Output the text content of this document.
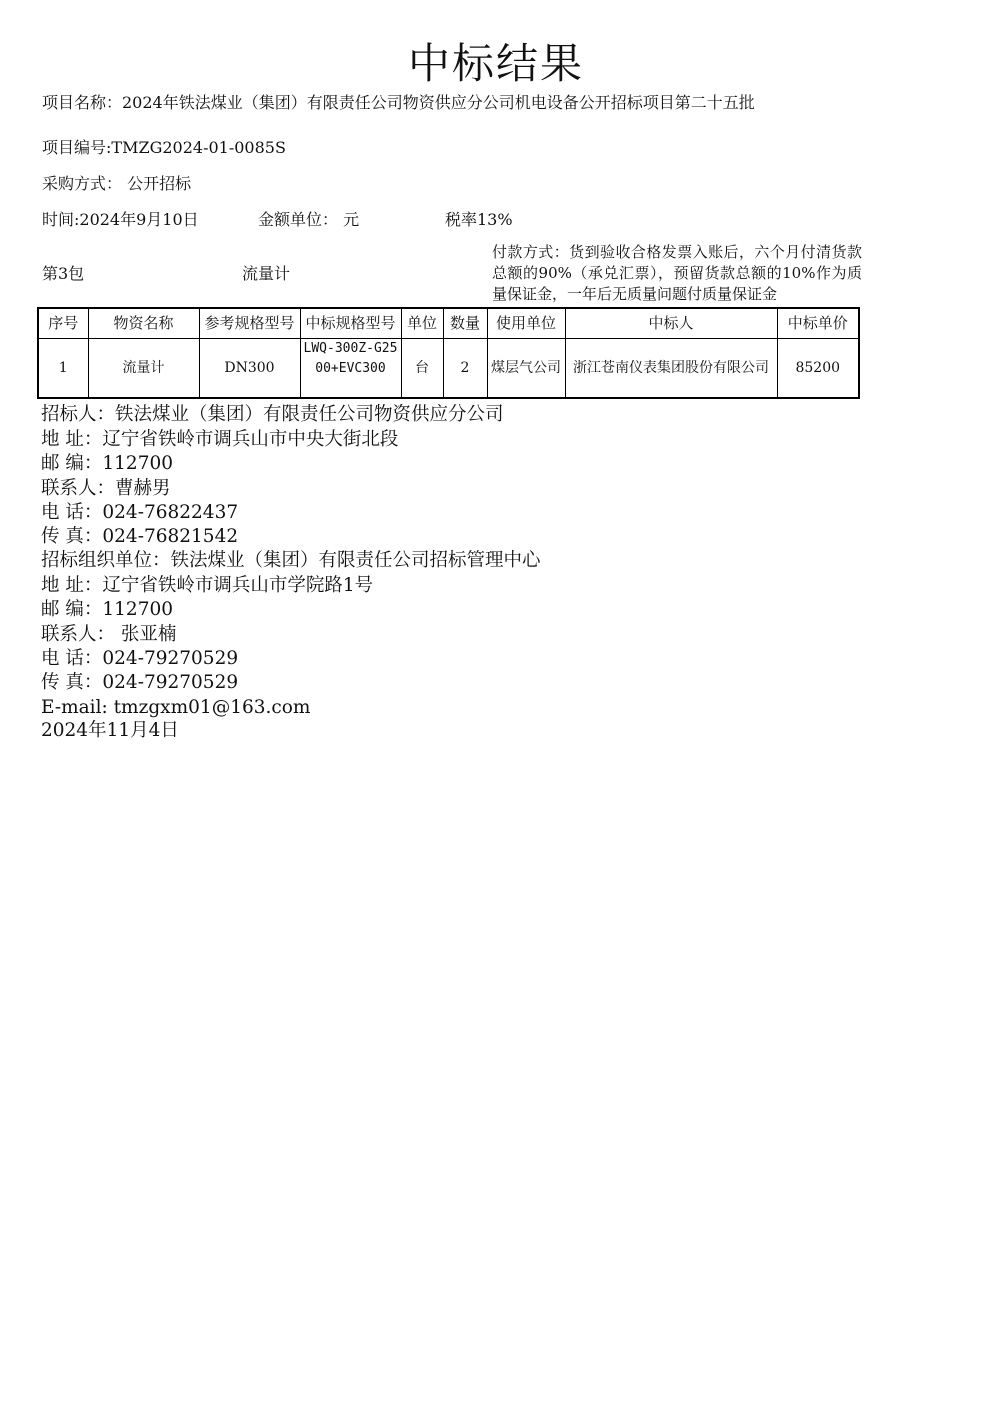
中标结果
项目名称：2024年铁法煤业（集团）有限责任公司物资供应分公司机电设备公开招标项目第二十五批
项目编号:TMZG2024-01-0085S
采购方式： 公开招标
时间:2024年9月10日	金额单位： 元	税率13%
第3包	流量计
付款方式：货到验收合格发票入账后，六个月付清货款总额的90%（承兑汇票），预留货款总额的10%作为质量保证金，一年后无质量问题付质量保证金
序号	物资名称	参考规格型号	中标规格型号	单位	数量	使用单位	中标人	中标单价

1	流量计	DN300	LWQ-300Z-G2500+EVC300	台	2	煤层气公司	浙江苍南仪表集团股份有限公司	85200
招标人：铁法煤业（集团）有限责任公司物资供应分公司
地 址：辽宁省铁岭市调兵山市中央大街北段
邮 编：112700
联系人：曹赫男
电 话：024-76822437
传 真：024-76821542
招标组织单位：铁法煤业（集团）有限责任公司招标管理中心
地 址：辽宁省铁岭市调兵山市学院路1号
邮 编：112700
联系人： 张亚楠
电 话：024-79270529
传 真：024-79270529
E-mail: tmzgxm01@163.com
2024年11月4日
